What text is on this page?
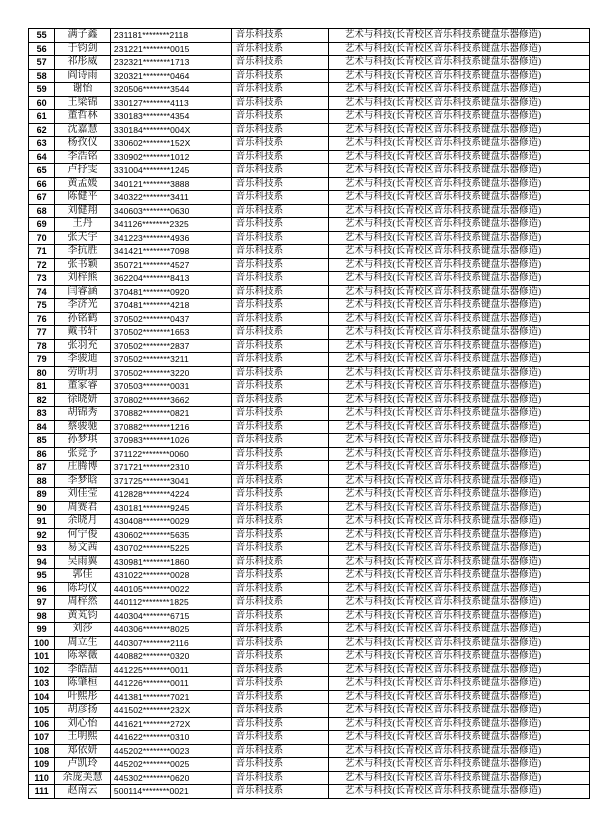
55	满子鑫	231181********2118	音乐科技系	艺术与科技(长青校区音乐科技系键盘乐器修造)
56	于钧剑	231221********0015	音乐科技系	艺术与科技(长青校区音乐科技系键盘乐器修造)
57	祁彤威	232321********1713	音乐科技系	艺术与科技(长青校区音乐科技系键盘乐器修造)
58	阎诗雨	320321********0464	音乐科技系	艺术与科技(长青校区音乐科技系键盘乐器修造)
59	谢怡	320506********3544	音乐科技系	艺术与科技(长青校区音乐科技系键盘乐器修造)
60	王梁锦	330127********4113	音乐科技系	艺术与科技(长青校区音乐科技系键盘乐器修造)
61	董哲林	330183********4354	音乐科技系	艺术与科技(长青校区音乐科技系键盘乐器修造)
62	沈嘉慧	330184********004X	音乐科技系	艺术与科技(长青校区音乐科技系键盘乐器修造)
63	杨孜仪	330602********152X	音乐科技系	艺术与科技(长青校区音乐科技系键盘乐器修造)
64	李浩铭	330902********1012	音乐科技系	艺术与科技(长青校区音乐科技系键盘乐器修造)
65	卢抒雯	331004********1245	音乐科技系	艺术与科技(长青校区音乐科技系键盘乐器修造)
66	黄孟媛	340121********3888	音乐科技系	艺术与科技(长青校区音乐科技系键盘乐器修造)
67	陈健平	340322********3411	音乐科技系	艺术与科技(长青校区音乐科技系键盘乐器修造)
68	刘健翔	340603********0630	音乐科技系	艺术与科技(长青校区音乐科技系键盘乐器修造)
69	王丹	341126********2325	音乐科技系	艺术与科技(长青校区音乐科技系键盘乐器修造)
70	张天宇	341223********4936	音乐科技系	艺术与科技(长青校区音乐科技系键盘乐器修造)
71	李抗胜	341421********7098	音乐科技系	艺术与科技(长青校区音乐科技系键盘乐器修造)
72	张书颖	350721********4527	音乐科技系	艺术与科技(长青校区音乐科技系键盘乐器修造)
73	刘梓熊	362204********8413	音乐科技系	艺术与科技(长青校区音乐科技系键盘乐器修造)
74	闫睿涵	370481********0920	音乐科技系	艺术与科技(长青校区音乐科技系键盘乐器修造)
75	李济光	370481********4218	音乐科技系	艺术与科技(长青校区音乐科技系键盘乐器修造)
76	孙铭鹤	370502********0437	音乐科技系	艺术与科技(长青校区音乐科技系键盘乐器修造)
77	戴书轩	370502********1653	音乐科技系	艺术与科技(长青校区音乐科技系键盘乐器修造)
78	张羽充	370502********2837	音乐科技系	艺术与科技(长青校区音乐科技系键盘乐器修造)
79	李骏迪	370502********3211	音乐科技系	艺术与科技(长青校区音乐科技系键盘乐器修造)
80	劳昕玥	370502********3220	音乐科技系	艺术与科技(长青校区音乐科技系键盘乐器修造)
81	董家睿	370503********0031	音乐科技系	艺术与科技(长青校区音乐科技系键盘乐器修造)
82	徐晓妍	370802********3662	音乐科技系	艺术与科技(长青校区音乐科技系键盘乐器修造)
83	胡锦秀	370882********0821	音乐科技系	艺术与科技(长青校区音乐科技系键盘乐器修造)
84	蔡骏驰	370882********1216	音乐科技系	艺术与科技(长青校区音乐科技系键盘乐器修造)
85	孙梦琪	370983********1026	音乐科技系	艺术与科技(长青校区音乐科技系键盘乐器修造)
86	张竞予	371122********0060	音乐科技系	艺术与科技(长青校区音乐科技系键盘乐器修造)
87	庄腾博	371721********2310	音乐科技系	艺术与科技(长青校区音乐科技系键盘乐器修造)
88	李梦晗	371725********3041	音乐科技系	艺术与科技(长青校区音乐科技系键盘乐器修造)
89	刘佳莹	412828********4224	音乐科技系	艺术与科技(长青校区音乐科技系键盘乐器修造)
90	周赛君	430181********9245	音乐科技系	艺术与科技(长青校区音乐科技系键盘乐器修造)
91	余晓月	430408********0029	音乐科技系	艺术与科技(长青校区音乐科技系键盘乐器修造)
92	何宁俊	430602********5635	音乐科技系	艺术与科技(长青校区音乐科技系键盘乐器修造)
93	易文茜	430702********5225	音乐科技系	艺术与科技(长青校区音乐科技系键盘乐器修造)
94	吴雨翼	430981********1860	音乐科技系	艺术与科技(长青校区音乐科技系键盘乐器修造)
95	郭佳	431022********0028	音乐科技系	艺术与科技(长青校区音乐科技系键盘乐器修造)
96	陈均仪	440105********0022	音乐科技系	艺术与科技(长青校区音乐科技系键盘乐器修造)
97	周梓然	440112********1825	音乐科技系	艺术与科技(长青校区音乐科技系键盘乐器修造)
98	黄芄钧	440304********6715	音乐科技系	艺术与科技(长青校区音乐科技系键盘乐器修造)
99	刘莎	440306********8025	音乐科技系	艺术与科技(长青校区音乐科技系键盘乐器修造)
100	周立生	440307********2116	音乐科技系	艺术与科技(长青校区音乐科技系键盘乐器修造)
101	陈翠薇	440882********0320	音乐科技系	艺术与科技(长青校区音乐科技系键盘乐器修造)
102	李皓喆	441225********0011	音乐科技系	艺术与科技(长青校区音乐科技系键盘乐器修造)
103	陈肇桓	441226********0011	音乐科技系	艺术与科技(长青校区音乐科技系键盘乐器修造)
104	叶熙彤	441381********7021	音乐科技系	艺术与科技(长青校区音乐科技系键盘乐器修造)
105	胡彦扬	441502********232X	音乐科技系	艺术与科技(长青校区音乐科技系键盘乐器修造)
106	刘心怡	441621********272X	音乐科技系	艺术与科技(长青校区音乐科技系键盘乐器修造)
107	王明熙	441622********0310	音乐科技系	艺术与科技(长青校区音乐科技系键盘乐器修造)
108	郑依妍	445202********0023	音乐科技系	艺术与科技(长青校区音乐科技系键盘乐器修造)
109	卢凯玲	445202********0025	音乐科技系	艺术与科技(长青校区音乐科技系键盘乐器修造)
110	余庞美慧	445302********0620	音乐科技系	艺术与科技(长青校区音乐科技系键盘乐器修造)
111	赵南云	500114********0021	音乐科技系	艺术与科技(长青校区音乐科技系键盘乐器修造)
